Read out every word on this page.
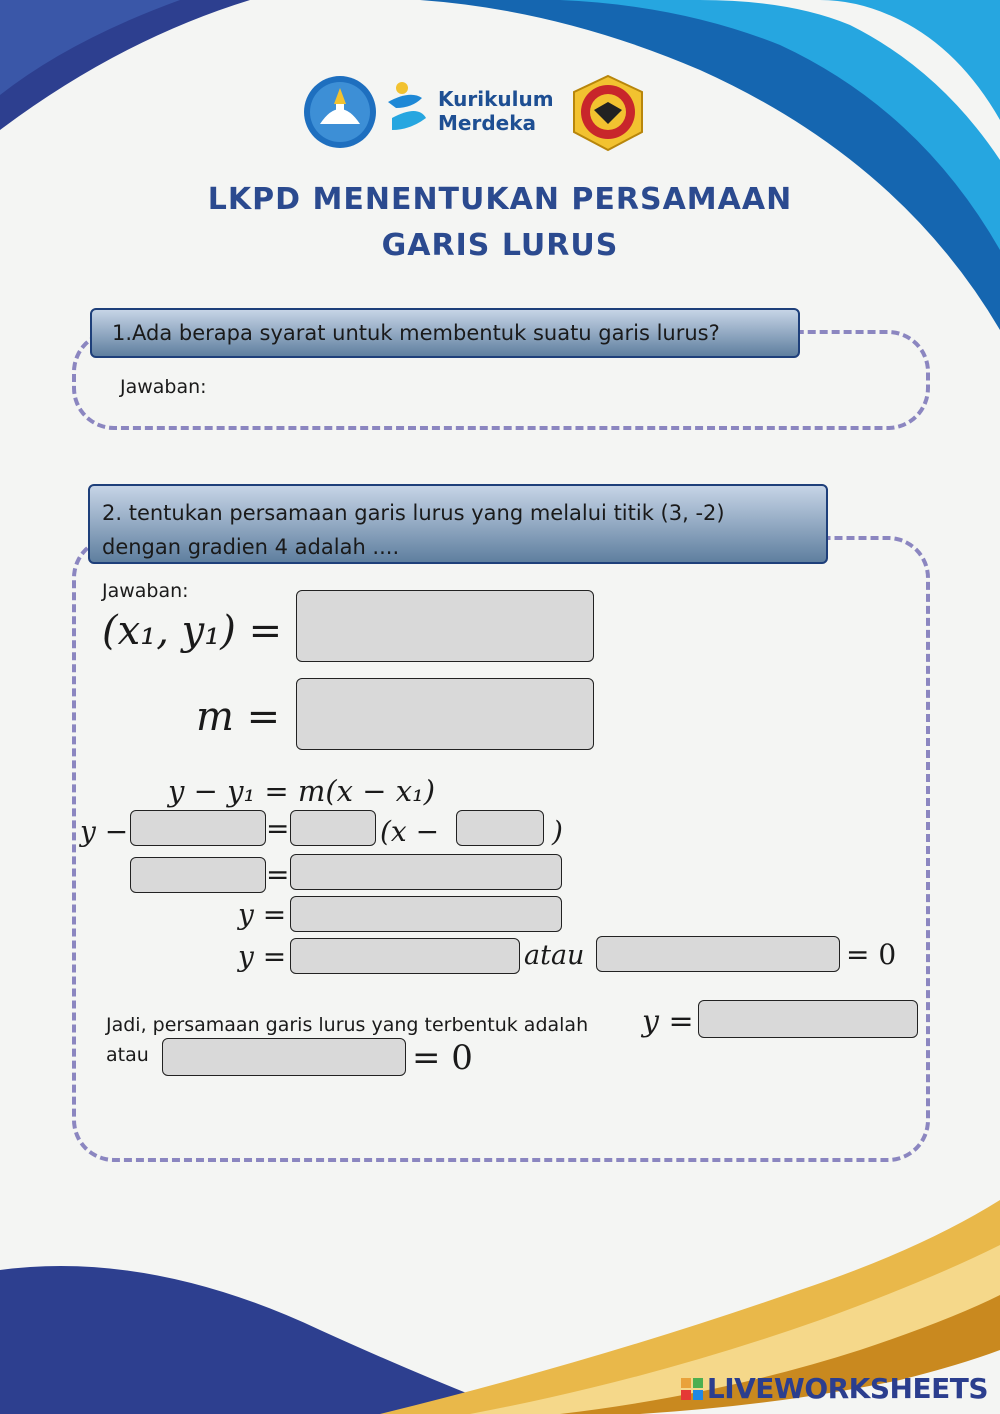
Kurikulum
Merdeka
LKPD MENENTUKAN PERSAMAAN
GARIS LURUS
1.Ada berapa syarat untuk membentuk suatu garis lurus?
Jawaban:
2. tentukan persamaan garis lurus yang melalui titik (3, -2)
dengan gradien 4 adalah ....
Jawaban:
(x₁, y₁) =
m =
y − y₁ = m(x − x₁)
y −	=	(x −	)
=
y =
y =	atau	= 0
Jadi, persamaan garis lurus yang terbentuk adalah y =
atau	= 0
LIVEWORKSHEETS
